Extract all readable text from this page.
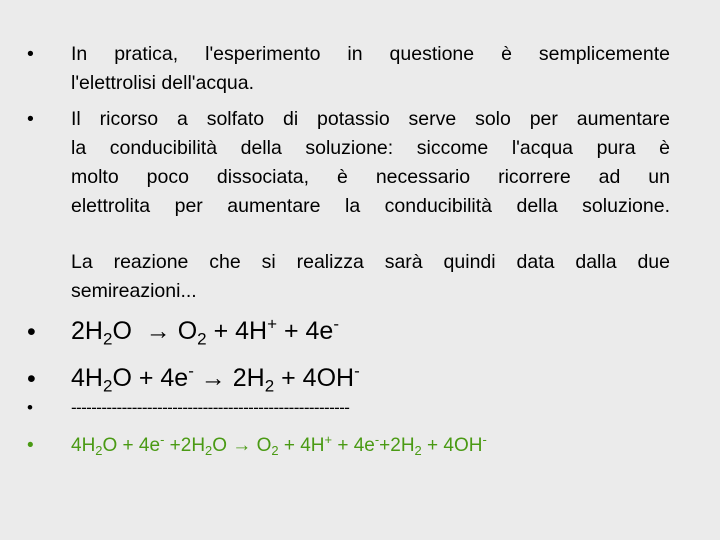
• In pratica, l'esperimento in questione è semplicemente
l'elettrolisi dell'acqua.
• Il ricorso a solfato di potassio serve solo per aumentare
la conducibilità della soluzione: siccome l'acqua pura è
molto poco dissociata, è necessario ricorrere ad un
elettrolita per aumentare la conducibilità della soluzione.
La reazione che si realizza sarà quindi data dalla due
semireazioni...
• $2H_2O \to O_2 + 4H^+ + 4e^-$
• $4H_2O + 4e^- \to 2H_2 + 4OH^-$
• -------------------------------------------------------
• $4H_2O + 4e^- +2H_2O \to O_2 + 4H^+ + 4e^-+2H_2 + 4OH^-$
